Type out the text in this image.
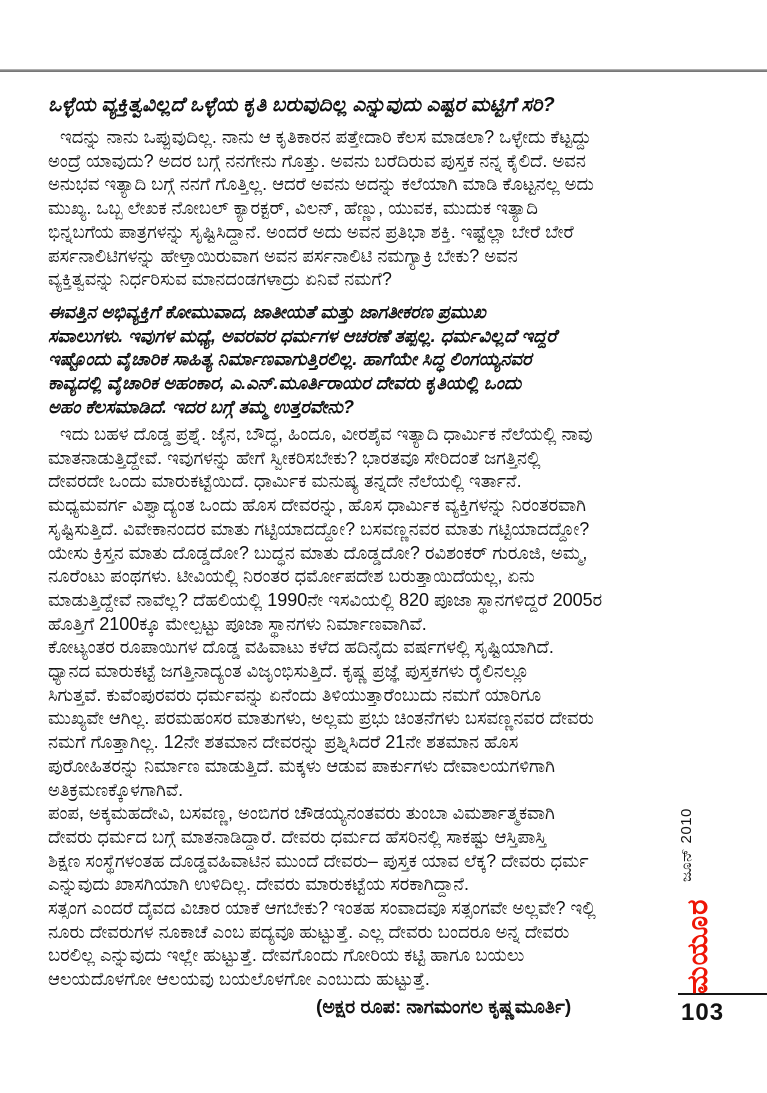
ಒಳ್ಳೆಯ ವ್ಯಕ್ತಿತ್ವವಿಲ್ಲದೆ ಒಳ್ಳೆಯ ಕೃತಿ ಬರುವುದಿಲ್ಲ ಎನ್ನುವುದು ಎಷ್ಟರ ಮಟ್ಟಿಗೆ ಸರಿ?
ಇದನ್ನು ನಾನು ಒಪ್ಪುವುದಿಲ್ಲ. ನಾನು ಆ ಕೃತಿಕಾರನ ಪತ್ತೇದಾರಿ ಕೆಲಸ ಮಾಡಲಾ? ಒಳ್ಳೇದು ಕೆಟ್ಟದ್ದು
ಅಂದ್ರೆ ಯಾವುದು? ಅದರ ಬಗ್ಗೆ ನನಗೇನು ಗೊತ್ತು. ಅವನು ಬರೆದಿರುವ ಪುಸ್ತಕ ನನ್ನ ಕೈಲಿದೆ. ಅವನ
ಅನುಭವ ಇತ್ಯಾದಿ ಬಗ್ಗೆ ನನಗೆ ಗೊತ್ತಿಲ್ಲ. ಆದರೆ ಅವನು ಅದನ್ನು ಕಲೆಯಾಗಿ ಮಾಡಿ ಕೊಟ್ಟನಲ್ಲ ಅದು
ಮುಖ್ಯ. ಒಬ್ಬ ಲೇಖಕ ನೋಬಲ್ ಕ್ಯಾರಕ್ಟರ್, ವಿಲನ್, ಹೆಣ್ಣು, ಯುವಕ, ಮುದುಕ ಇತ್ಯಾದಿ
ಭಿನ್ನಬಗೆಯ ಪಾತ್ರಗಳನ್ನು ಸೃಷ್ಟಿಸಿದ್ದಾನೆ. ಅಂದರೆ ಅದು ಅವನ ಪ್ರತಿಭಾ ಶಕ್ತಿ. ಇಷ್ಟೆಲ್ಲಾ ಬೇರೆ ಬೇರೆ
ಪರ್ಸನಾಲಿಟಿಗಳನ್ನು ಹೇಳ್ತಾಯಿರುವಾಗ ಅವನ ಪರ್ಸನಾಲಿಟಿ ನಮಗ್ಯಾಕ್ರಿ ಬೇಕು? ಅವನ
ವ್ಯಕ್ತಿತ್ವವನ್ನು ನಿರ್ಧರಿಸುವ ಮಾನದಂಡಗಳಾದ್ರು ಏನಿವೆ ನಮಗೆ?
ಈವತ್ತಿನ ಅಭಿವ್ಯಕ್ತಿಗೆ ಕೋಮುವಾದ, ಜಾತೀಯತೆ ಮತ್ತು ಜಾಗತೀಕರಣ ಪ್ರಮುಖ
ಸವಾಲುಗಳು. ಇವುಗಳ ಮಧ್ಯೆ, ಅವರವರ ಧರ್ಮಗಳ ಆಚರಣೆ ತಪ್ಪಲ್ಲ. ಧರ್ಮವಿಲ್ಲದೆ ಇದ್ದರೆ
ಇಷ್ಟೊಂದು ವೈಚಾರಿಕ ಸಾಹಿತ್ಯ ನಿರ್ಮಾಣವಾಗುತ್ತಿರಲಿಲ್ಲ. ಹಾಗೆಯೇ ಸಿದ್ಧ ಲಿಂಗಯ್ಯನವರ
ಕಾವ್ಯದಲ್ಲಿ ವೈಚಾರಿಕ ಅಹಂಕಾರ, ಎ.ಎನ್.ಮೂರ್ತಿರಾಯರ ದೇವರು ಕೃತಿಯಲ್ಲಿ ಒಂದು
ಅಹಂ ಕೆಲಸಮಾಡಿದೆ. ಇದರ ಬಗ್ಗೆ ತಮ್ಮ ಉತ್ತರವೇನು?
ಇದು ಬಹಳ ದೊಡ್ಡ ಪ್ರಶ್ನೆ. ಜೈನ, ಬೌದ್ಧ, ಹಿಂದೂ, ವೀರಶೈವ ಇತ್ಯಾದಿ ಧಾರ್ಮಿಕ ನೆಲೆಯಲ್ಲಿ ನಾವು
ಮಾತನಾಡುತ್ತಿದ್ದೇವೆ. ಇವುಗಳನ್ನು ಹೇಗೆ ಸ್ವೀಕರಿಸಬೇಕು? ಭಾರತವೂ ಸೇರಿದಂತೆ ಜಗತ್ತಿನಲ್ಲಿ
ದೇವರದೇ ಒಂದು ಮಾರುಕಟ್ಟೆಯಿದೆ. ಧಾರ್ಮಿಕ ಮನುಷ್ಯ ತನ್ನದೇ ನೆಲೆಯಲ್ಲಿ ಇರ್ತಾನೆ.
ಮಧ್ಯಮವರ್ಗ ವಿಶ್ವಾದ್ಯಂತ ಒಂದು ಹೊಸ ದೇವರನ್ನು, ಹೊಸ ಧಾರ್ಮಿಕ ವ್ಯಕ್ತಿಗಳನ್ನು ನಿರಂತರವಾಗಿ
ಸೃಷ್ಟಿಸುತ್ತಿದೆ. ವಿವೇಕಾನಂದರ ಮಾತು ಗಟ್ಟಿಯಾದದ್ದೋ? ಬಸವಣ್ಣನವರ ಮಾತು ಗಟ್ಟಿಯಾದದ್ದೋ?
ಯೇಸು ಕ್ರಿಸ್ತನ ಮಾತು ದೊಡ್ಡದೋ? ಬುದ್ಧನ ಮಾತು ದೊಡ್ಡದೋ? ರವಿಶಂಕರ್ ಗುರೂಜಿ, ಅಮ್ಮ,
ನೂರೆಂಟು ಪಂಥಗಳು. ಟೀವಿಯಲ್ಲಿ ನಿರಂತರ ಧರ್ಮೋಪದೇಶ ಬರುತ್ತಾಯಿದೆಯಲ್ಲ, ಏನು
ಮಾಡುತ್ತಿದ್ದೇವೆ ನಾವೆಲ್ಲ? ದೆಹಲಿಯಲ್ಲಿ 1990ನೇ ಇಸವಿಯಲ್ಲಿ 820 ಪೂಜಾ ಸ್ಥಾನಗಳಿದ್ದರೆ 2005ರ
ಹೊತ್ತಿಗೆ 2100ಕ್ಕೂ ಮೇಲ್ಪಟ್ಟು ಪೂಜಾ ಸ್ಥಾನಗಳು ನಿರ್ಮಾಣವಾಗಿವೆ.
ಕೋಟ್ಯಂತರ ರೂಪಾಯಿಗಳ ದೊಡ್ಡ ವಹಿವಾಟು ಕಳೆದ ಹದಿನೈದು ವರ್ಷಗಳಲ್ಲಿ ಸೃಷ್ಟಿಯಾಗಿದೆ.
ಧ್ಯಾನದ ಮಾರುಕಟ್ಟೆ ಜಗತ್ತಿನಾದ್ಯಂತ ವಿಜೃಂಭಿಸುತ್ತಿದೆ. ಕೃಷ್ಣ ಪ್ರಜ್ಞೆ ಪುಸ್ತಕಗಳು ರೈಲಿನಲ್ಲೂ
ಸಿಗುತ್ತವೆ. ಕುವೆಂಪುರವರು ಧರ್ಮವನ್ನು ಏನೆಂದು ತಿಳಿಯುತ್ತಾರೆಂಬುದು ನಮಗೆ ಯಾರಿಗೂ
ಮುಖ್ಯವೇ ಆಗಿಲ್ಲ. ಪರಮಹಂಸರ ಮಾತುಗಳು, ಅಲ್ಲಮ ಪ್ರಭು ಚಿಂತನೆಗಳು ಬಸವಣ್ಣನವರ ದೇವರು
ನಮಗೆ ಗೊತ್ತಾಗಿಲ್ಲ. 12ನೇ ಶತಮಾನ ದೇವರನ್ನು ಪ್ರಶ್ನಿಸಿದರೆ 21ನೇ ಶತಮಾನ ಹೊಸ
ಪುರೋಹಿತರನ್ನು ನಿರ್ಮಾಣ ಮಾಡುತ್ತಿದೆ. ಮಕ್ಕಳು ಆಡುವ ಪಾರ್ಕುಗಳು ದೇವಾಲಯಗಳಿಗಾಗಿ
ಅತಿಕ್ರಮಣಕ್ಕೊಳಗಾಗಿವೆ.
ಪಂಪ, ಅಕ್ಕಮಹದೇವಿ, ಬಸವಣ್ಣ, ಅಂಬಿಗರ ಚೌಡಯ್ಯನಂತವರು ತುಂಬಾ ವಿಮರ್ಶಾತ್ಮಕವಾಗಿ
ದೇವರು ಧರ್ಮದ ಬಗ್ಗೆ ಮಾತನಾಡಿದ್ದಾರೆ. ದೇವರು ಧರ್ಮದ ಹೆಸರಿನಲ್ಲಿ ಸಾಕಷ್ಟು ಆಸ್ತಿಪಾಸ್ತಿ
ಶಿಕ್ಷಣ ಸಂಸ್ಥೆಗಳಂತಹ ದೊಡ್ಡವಹಿವಾಟಿನ ಮುಂದೆ ದೇವರು– ಪುಸ್ತಕ ಯಾವ ಲೆಕ್ಕ? ದೇವರು ಧರ್ಮ
ಎನ್ನುವುದು ಖಾಸಗಿಯಾಗಿ ಉಳಿದಿಲ್ಲ. ದೇವರು ಮಾರುಕಟ್ಟೆಯ ಸರಕಾಗಿದ್ದಾನೆ.
ಸತ್ಸಂಗ ಎಂದರೆ ದೈವದ ವಿಚಾರ ಯಾಕೆ ಆಗಬೇಕು? ಇಂತಹ ಸಂವಾದವೂ ಸತ್ಸಂಗವೇ ಅಲ್ಲವೇ? ಇಲ್ಲಿ
ನೂರು ದೇವರುಗಳ ನೂಕಾಚೆ ಎಂಬ ಪದ್ಯವೂ ಹುಟ್ಟುತ್ತೆ. ಎಲ್ಲ ದೇವರು ಬಂದರೂ ಅನ್ನ ದೇವರು
ಬರಲಿಲ್ಲ ಎನ್ನುವುದು ಇಲ್ಲೇ ಹುಟ್ಟುತ್ತೆ. ದೇವಗೊಂದು ಗೋರಿಯ ಕಟ್ಟಿ ಹಾಗೂ ಬಯಲು
ಆಲಯದೊಳಗೋ ಆಲಯವು ಬಯಲೊಳಗೋ ಎಂಬುದು ಹುಟ್ಟುತ್ತೆ.
(ಅಕ್ಷರ ರೂಪ: ನಾಗಮಂಗಲ ಕೃಷ್ಣಮೂರ್ತಿ)	103
ಮಯೂರ
ಜೂನ್ 2010
